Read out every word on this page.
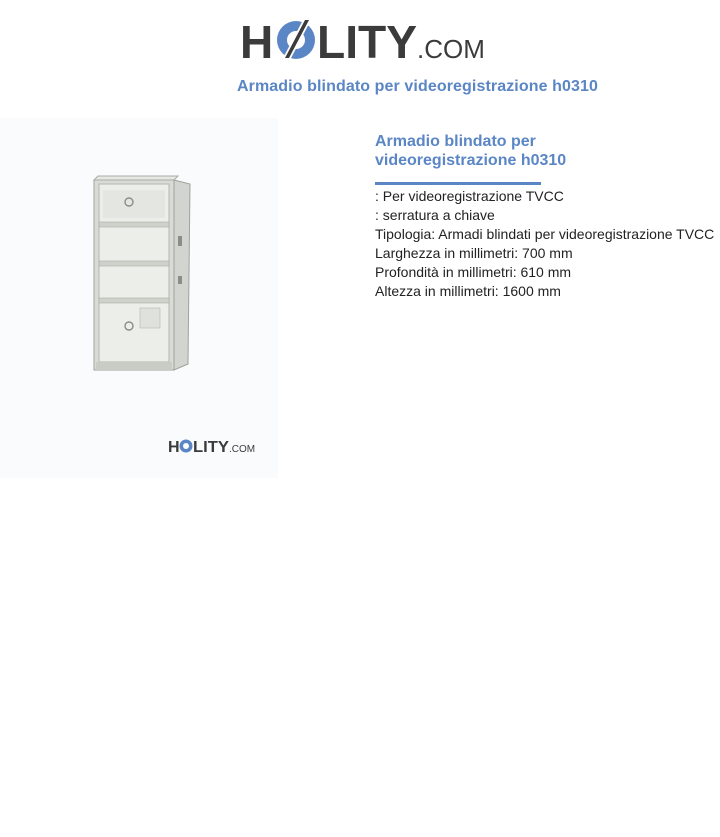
H LITY .COM
Armadio blindato per videoregistrazione h0310
H LITY .COM
Armadio blindato per videoregistrazione h0310
: Per videoregistrazione TVCC
: serratura a chiave
Tipologia: Armadi blindati per videoregistrazione TVCC
Larghezza in millimetri: 700 mm
Profondità in millimetri: 610 mm
Altezza in millimetri: 1600 mm
